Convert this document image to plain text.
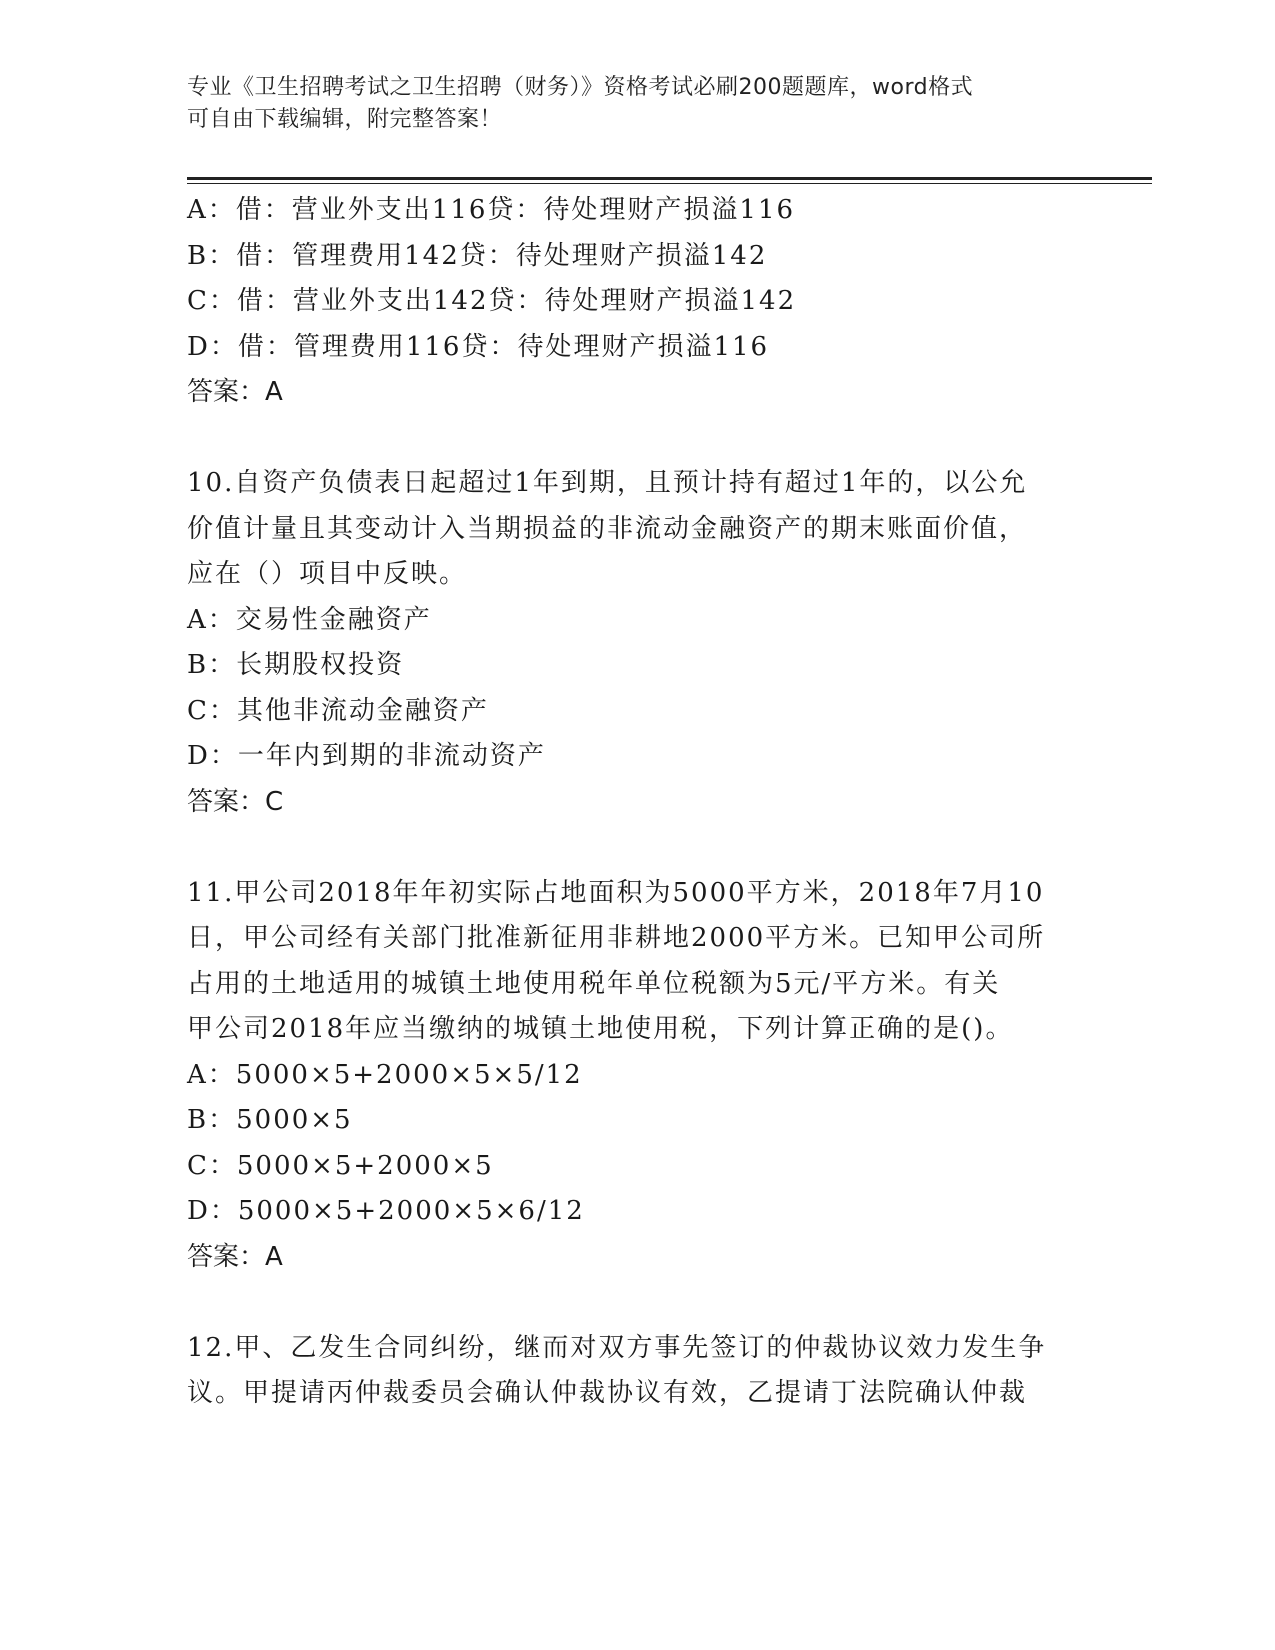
专业《卫生招聘考试之卫生招聘（财务）》资格考试必刷200题题库，word格式
可自由下载编辑，附完整答案！
A：借：营业外支出116贷：待处理财产损溢116
B：借：管理费用142贷：待处理财产损溢142
C：借：营业外支出142贷：待处理财产损溢142
D：借：管理费用116贷：待处理财产损溢116
答案：A
10.自资产负债表日起超过1年到期，且预计持有超过1年的，以公允
价值计量且其变动计入当期损益的非流动金融资产的期末账面价值，
应在（）项目中反映。
A：交易性金融资产
B：长期股权投资
C：其他非流动金融资产
D：一年内到期的非流动资产
答案：C
11.甲公司2018年年初实际占地面积为5000平方米，2018年7月10
日，甲公司经有关部门批准新征用非耕地2000平方米。已知甲公司所
占用的土地适用的城镇土地使用税年单位税额为5元/平方米。有关
甲公司2018年应当缴纳的城镇土地使用税，下列计算正确的是()。
A：5000×5+2000×5×5/12
B：5000×5
C：5000×5+2000×5
D：5000×5+2000×5×6/12
答案：A
12.甲、乙发生合同纠纷，继而对双方事先签订的仲裁协议效力发生争
议。甲提请丙仲裁委员会确认仲裁协议有效，乙提请丁法院确认仲裁
